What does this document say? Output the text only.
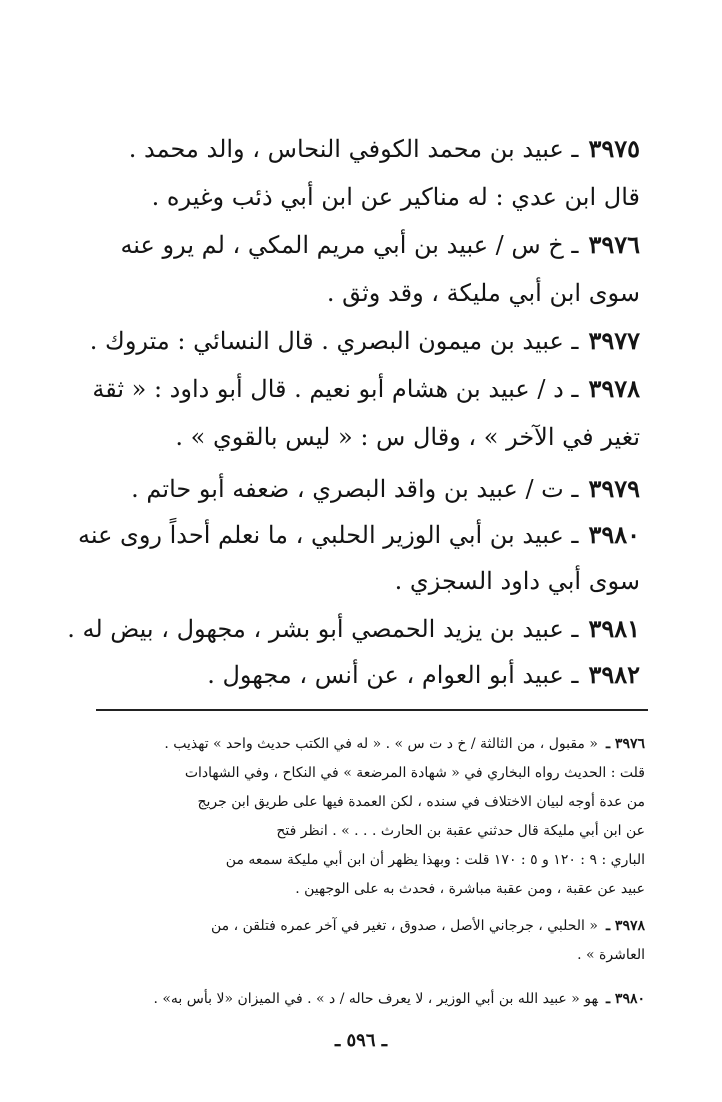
٣٩٧٥ـ عبيد بن محمد الكوفي النحاس ، والد محمد .
قال ابن عدي : له مناكير عن ابن أبي ذئب وغيره .
٣٩٧٦ـ خ س / عبيد بن أبي مريم المكي ، لم يرو عنه
سوى ابن أبي مليكة ، وقد وثق .
٣٩٧٧ـ عبيد بن ميمون البصري . قال النسائي : متروك .
٣٩٧٨ـ د / عبيد بن هشام أبو نعيم . قال أبو داود : « ثقة
تغير في الآخر » ، وقال س : « ليس بالقوي » .
٣٩٧٩ـ ت / عبيد بن واقد البصري ، ضعفه أبو حاتم .
٣٩٨٠ـ عبيد بن أبي الوزير الحلبي ، ما نعلم أحداً روى عنه
سوى أبي داود السجزي .
٣٩٨١ـ عبيد بن يزيد الحمصي أبو بشر ، مجهول ، بيض له .
٣٩٨٢ـ عبيد أبو العوام ، عن أنس ، مجهول .
٣٩٧٦ ـ« مقبول ، من الثالثة / خ د ت س » . « له في الكتب حديث واحد » تهذيب .
قلت : الحديث رواه البخاري في « شهادة المرضعة » في النكاح ، وفي الشهادات
من عدة أوجه لبيان الاختلاف في سنده ، لكن العمدة فيها على طريق ابن جريج
عن ابن أبي مليكة قال حدثني عقبة بن الحارث . . . » . انظر فتح
الباري : ٩ : ١٢٠ و ٥ : ١٧٠ قلت : وبهذا يظهر أن ابن أبي مليكة سمعه من
عبيد عن عقبة ، ومن عقبة مباشرة ، فحدث به على الوجهين .
٣٩٧٨ ـ« الحلبي ، جرجاني الأصل ، صدوق ، تغير في آخر عمره فتلقن ، من
العاشرة » .
٣٩٨٠ ـهو « عبيد الله بن أبي الوزير ، لا يعرف حاله / د » . في الميزان «لا بأس به» .
ـ ٥٩٦ ـ
